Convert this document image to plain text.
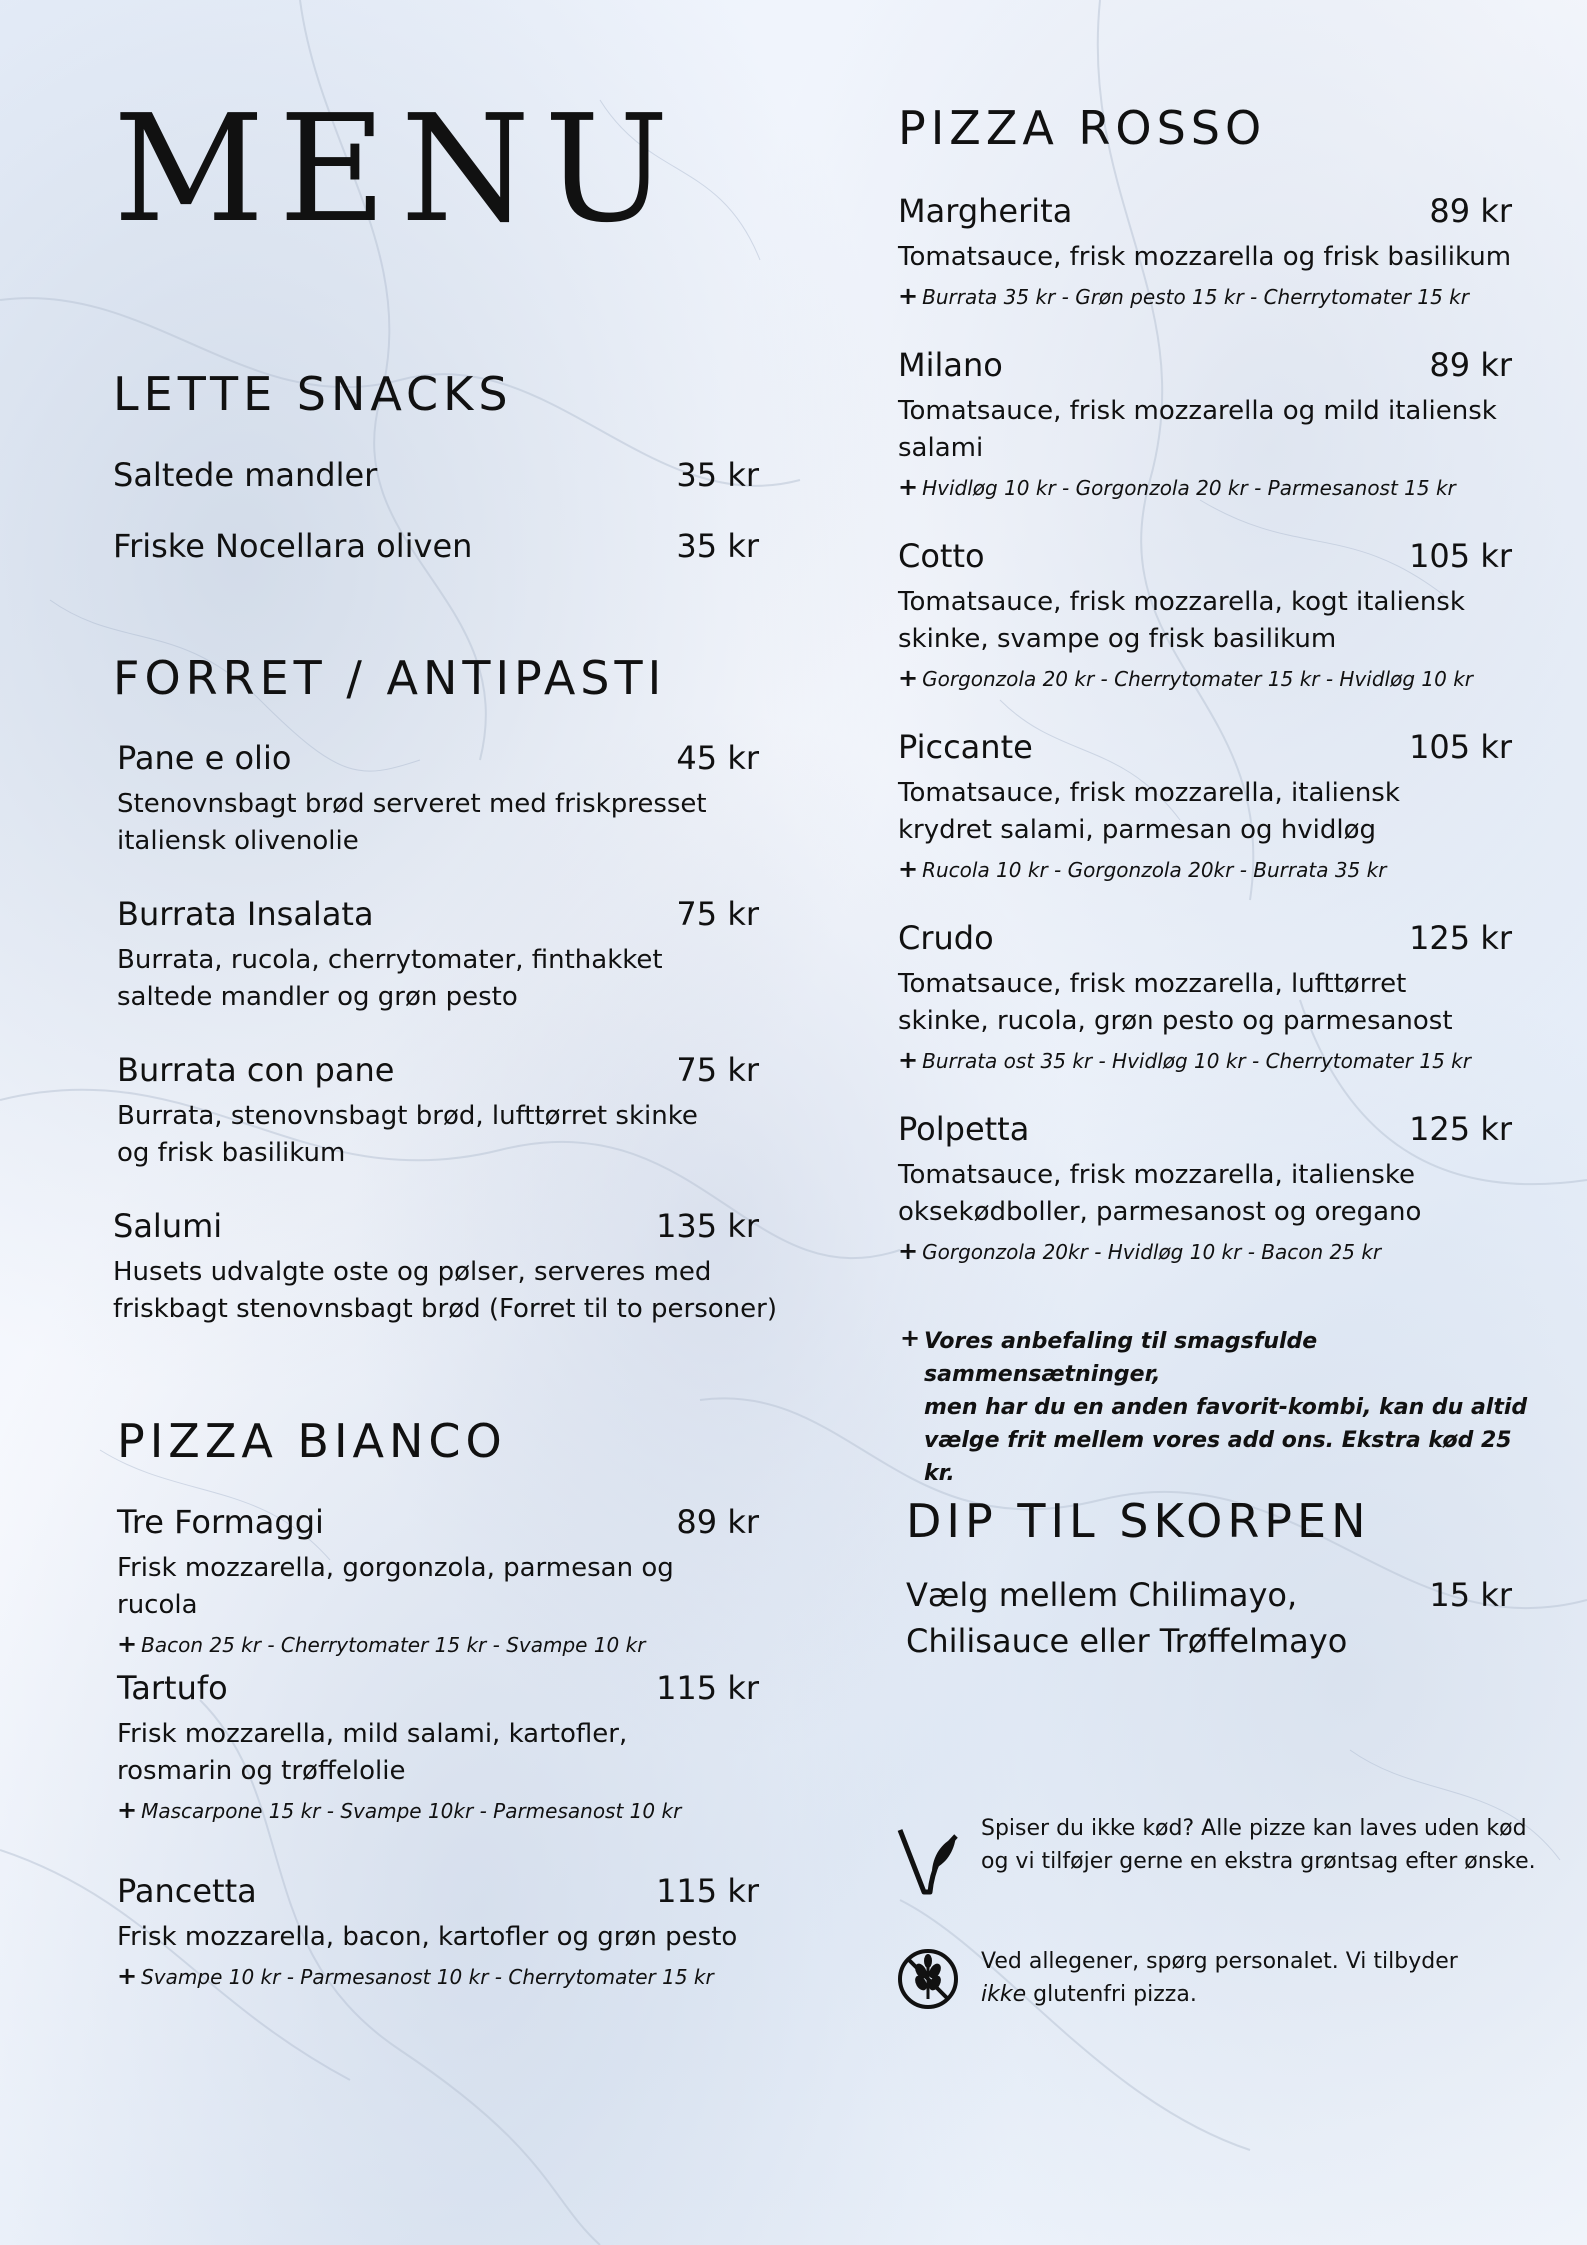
MENU
LETTE SNACKS
Saltede mandler	35 kr
Friske Nocellara oliven	35 kr
FORRET / ANTIPASTI
Pane e olio	45 kr
Stenovnsbagt brød serveret med friskpresset italiensk olivenolie
Burrata Insalata	75 kr
Burrata, rucola, cherrytomater, finthakket saltede mandler og grøn pesto
Burrata con pane	75 kr
Burrata, stenovnsbagt brød, lufttørret skinke og frisk basilikum
Salumi	135 kr
Husets udvalgte oste og pølser, serveres med friskbagt stenovnsbagt brød (Forret til to personer)
PIZZA BIANCO
Tre Formaggi	89 kr
Frisk mozzarella, gorgonzola, parmesan og rucola
+ Bacon 25 kr - Cherrytomater 15 kr - Svampe 10 kr
Tartufo	115 kr
Frisk mozzarella, mild salami, kartofler, rosmarin og trøffelolie
+ Mascarpone 15 kr - Svampe 10kr - Parmesanost 10 kr
Pancetta	115 kr
Frisk mozzarella, bacon, kartofler og grøn pesto
+ Svampe 10 kr - Parmesanost 10 kr - Cherrytomater 15 kr
PIZZA ROSSO
Margherita	89 kr
Tomatsauce, frisk mozzarella og frisk basilikum
+ Burrata 35 kr - Grøn pesto 15 kr - Cherrytomater 15 kr
Milano	89 kr
Tomatsauce, frisk mozzarella og mild italiensk salami
+ Hvidløg 10 kr - Gorgonzola 20 kr - Parmesanost 15 kr
Cotto	105 kr
Tomatsauce, frisk mozzarella, kogt italiensk skinke, svampe og frisk basilikum
+ Gorgonzola 20 kr - Cherrytomater 15 kr - Hvidløg 10 kr
Piccante	105 kr
Tomatsauce, frisk mozzarella, italiensk krydret salami, parmesan og hvidløg
+ Rucola 10 kr - Gorgonzola 20kr - Burrata 35 kr
Crudo	125 kr
Tomatsauce, frisk mozzarella, lufttørret skinke, rucola, grøn pesto og parmesanost
+ Burrata ost 35 kr - Hvidløg 10 kr - Cherrytomater 15 kr
Polpetta	125 kr
Tomatsauce, frisk mozzarella, italienske oksekødboller, parmesanost og oregano
+ Gorgonzola 20kr - Hvidløg 10 kr - Bacon 25 kr
+ Vores anbefaling til smagsfulde sammensætninger,
men har du en anden favorit-kombi, kan du altid
vælge frit mellem vores add ons. Ekstra kød 25 kr.
DIP TIL SKORPEN
Vælg mellem Chilimayo,	15 kr
Chilisauce eller Trøffelmayo
Spiser du ikke kød? Alle pizze kan laves uden kød og vi tilføjer gerne en ekstra grøntsag efter ønske.
Ved allegener, spørg personalet. Vi tilbyder
ikke glutenfri pizza.
